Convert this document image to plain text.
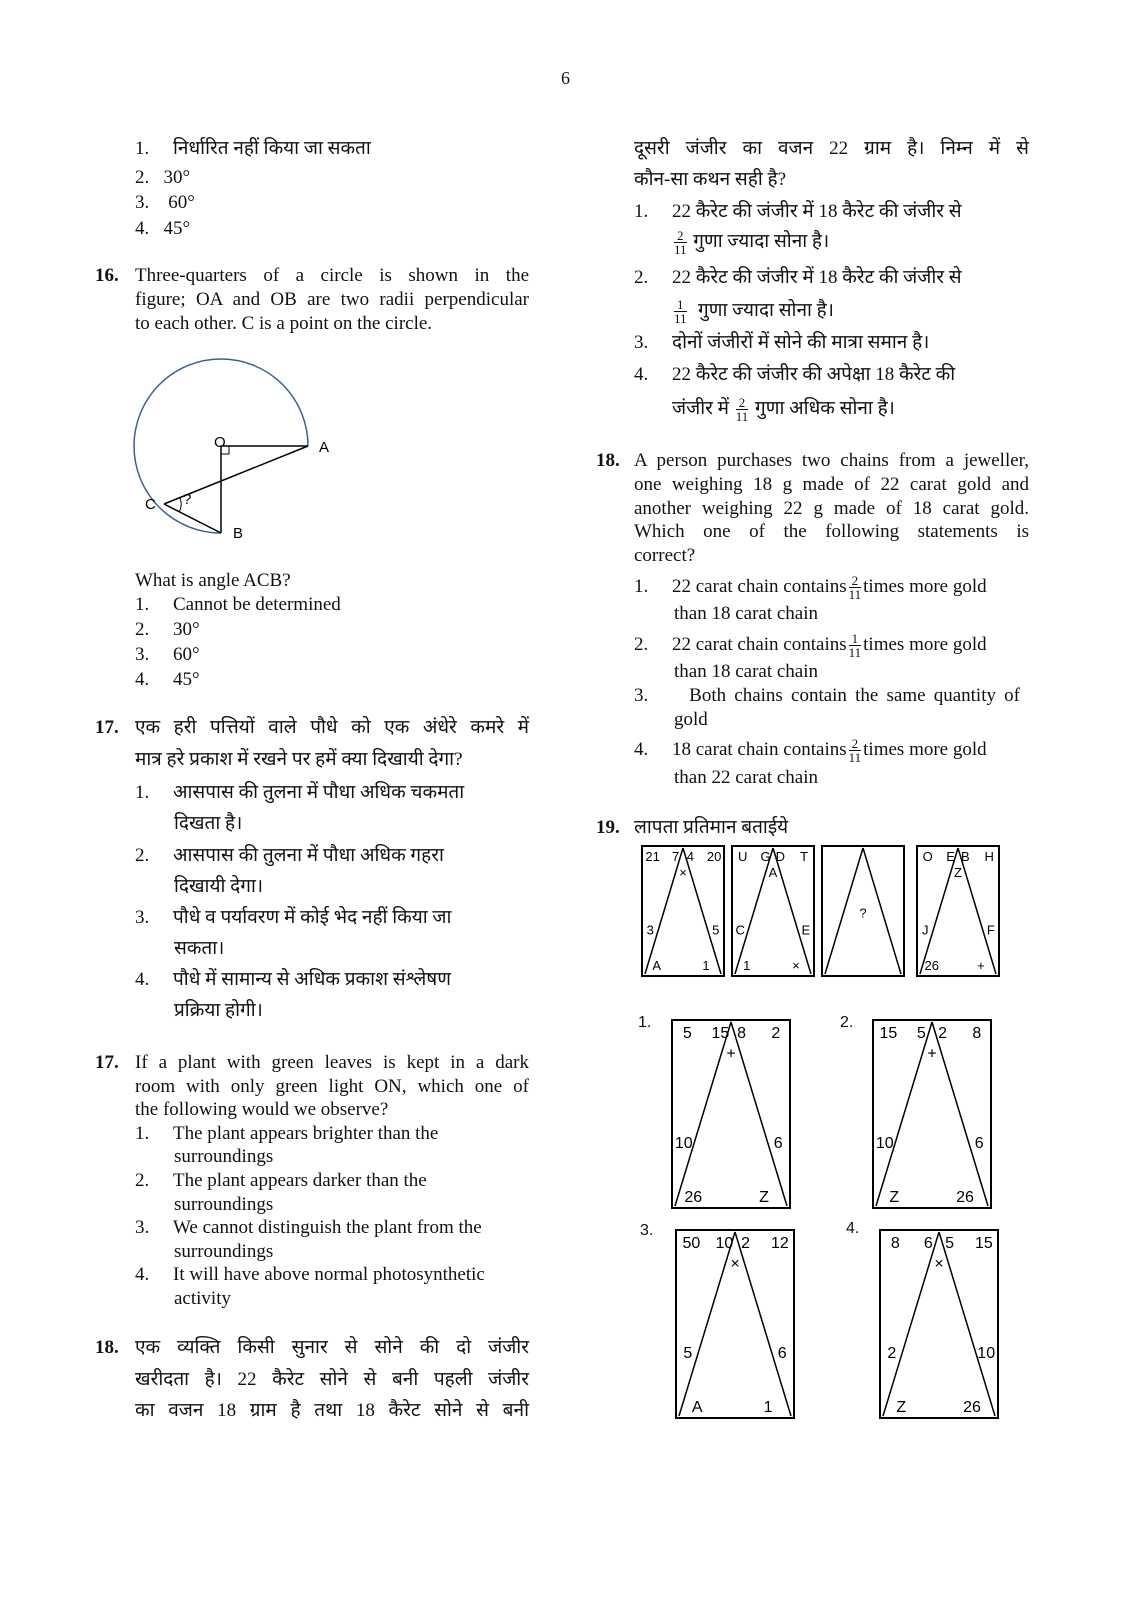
6
1.     निर्धारित नहीं किया जा सकता
2.   30°
3.    60°
4.   45°
16. Three-quarters of a circle is shown in the
figure; OA and OB are two radii perpendicular
to each other. C is a point on the circle.
O	A
B
C ?
What is angle ACB?
1.     Cannot be determined
2.     30°
3.     60°
4.     45°
17. एक हरी पत्तियों वाले पौधे को एक अंधेरे कमरे में
मात्र हरे प्रकाश में रखने पर हमें क्या दिखायी देगा?
1.     आसपास की तुलना में पौधा अधिक चकमता
दिखता है।
2.     आसपास की तुलना में पौधा अधिक गहरा
दिखायी देगा।
3.     पौधे व पर्यावरण में कोई भेद नहीं किया जा
सकता।
4.     पौधे में सामान्य से अधिक प्रकाश संश्लेषण
प्रक्रिया होगी।
17. If a plant with green leaves is kept in a dark
room with only green light ON, which one of
the following would we observe?
1.     The plant appears brighter than the
surroundings
2.     The plant appears darker than the
surroundings
3.     We cannot distinguish the plant from the
surroundings
4.     It will have above normal photosynthetic
activity
18. एक व्यक्ति किसी सुनार से सोने की दो जंजीर
खरीदता है। 22 कैरेट सोने से बनी पहली जंजीर
का वजन 18 ग्राम है तथा 18 कैरेट सोने से बनी
दूसरी जंजीर का वजन 22 ग्राम है। निम्न में से
कौन-सा कथन सही है?
1.     22 कैरेट की जंजीर में 18 कैरेट की जंजीर से
$\frac{2}{11}$ गुणा ज्यादा सोना है।
2.     22 कैरेट की जंजीर में 18 कैरेट की जंजीर से
$\frac{1}{11}$ गुणा ज्यादा सोना है।
3.     दोनों जंजीरों में सोने की मात्रा समान है।
4.     22 कैरेट की जंजीर की अपेक्षा 18 कैरेट की
जंजीर में $\frac{2}{11}$ गुणा अधिक सोना है।
18. A person purchases two chains from a jeweller,
one weighing 18 g made of 22 carat gold and
another weighing 22 g made of 18 carat gold.
Which one of the following statements is
correct?
1.     22 carat chain contains $\frac{2}{11}$ times more gold
than 18 carat chain
2.     22 carat chain contains $\frac{1}{11}$ times more gold
than 18 carat chain
3.     Both chains contain the same quantity of
gold
4.     18 carat chain contains $\frac{2}{11}$ times more gold
than 22 carat chain
19. लापता प्रतिमान बताईये
21 7 4 20
×
3	5
A	1
U G D T
A
C	E
1	×
?
O E B H
Z
J	F
26	+
5 15 8 2
+
10	6
26	Z
15 5 2 8
+
10	6
Z	26
50 10 2 12
×
5	6
A	1
8 6 5 15
×
2	10
Z	26
1.	2.
3.	4.
